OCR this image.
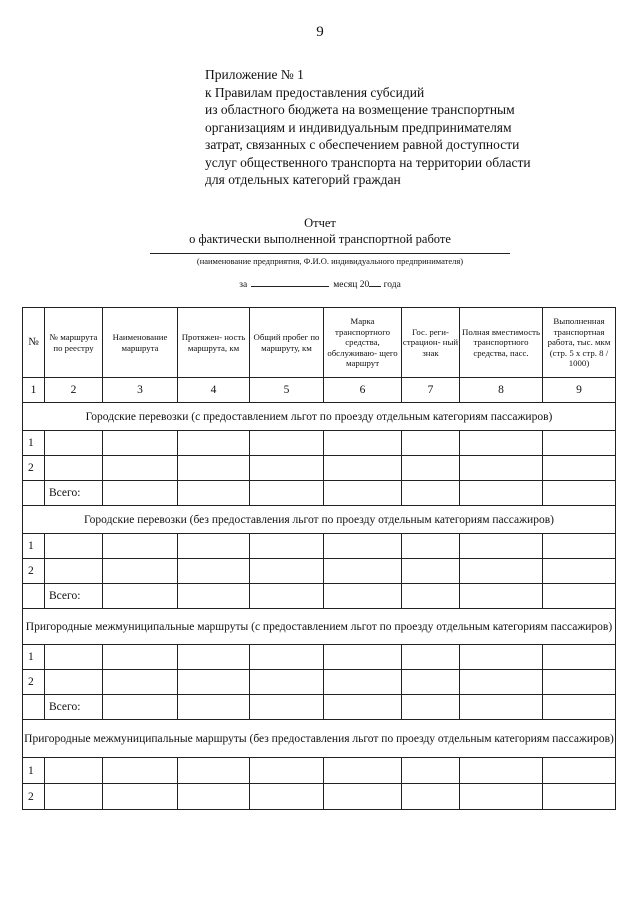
9
Приложение № 1
к Правилам предоставления субсидий
из областного бюджета на возмещение транспортным
организациям и индивидуальным предпринимателям
затрат, связанных с обеспечением равной доступности
услуг общественного транспорта на территории области
для отдельных категорий граждан
Отчет
о фактически выполненной транспортной работе
(наименование предприятия, Ф.И.О. индивидуального предпринимателя)
за	месяц 20 года
№	№ маршрута по реестру	Наименование маршрута	Протяжен- ность маршрута, км	Общий пробег по маршруту, км	Марка транспортного средства, обслуживаю- щего маршрут	Гос. реги- страцион- ный знак	Полная вместимость транспортного средства, пасс.	Выполненная транспортная работа, тыс. мкм (стр. 5 х стр. 8 / 1000)
1	2	3	4	5	6	7	8	9
Городские перевозки (с предоставлением льгот по проезду отдельным категориям пассажиров)								
1								
2								
	Всего:							
Городские перевозки (без предоставления льгот по проезду отдельным категориям пассажиров)								
1								
2								
	Всего:							
Пригородные межмуниципальные маршруты (с предоставлением льгот по проезду отдельным категориям пассажиров)								
1								
2								
	Всего:							
Пригородные межмуниципальные маршруты (без предоставления льгот по проезду отдельным категориям пассажиров)								
1								
2								
